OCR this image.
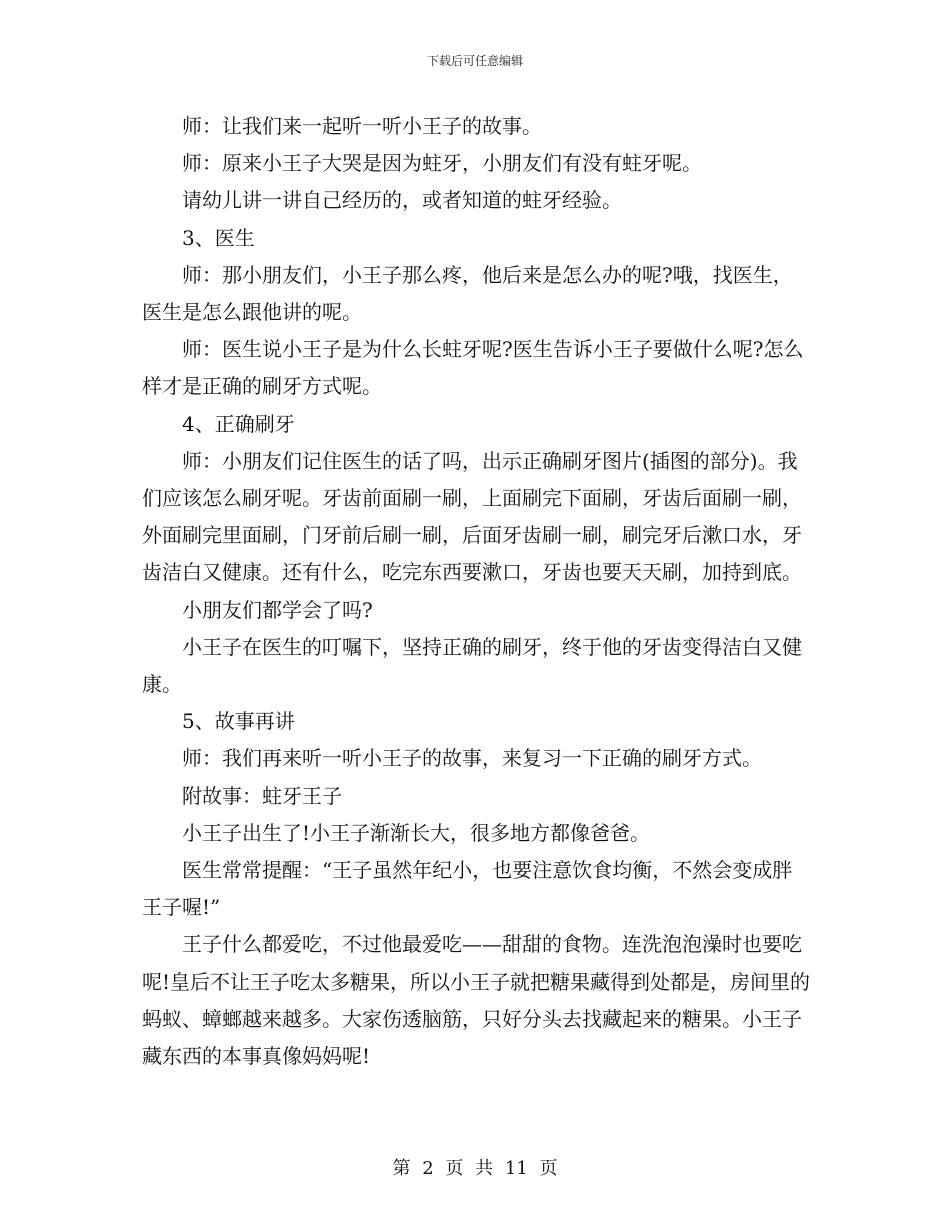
下载后可任意编辑

师：让我们来一起听一听小王子的故事。

师：原来小王子大哭是因为蛀牙，小朋友们有没有蛀牙呢。

请幼儿讲一讲自己经历的，或者知道的蛀牙经验。

3、医生

师：那小朋友们，小王子那么疼，他后来是怎么办的呢?哦，找医生，医生是怎么跟他讲的呢。

师：医生说小王子是为什么长蛀牙呢?医生告诉小王子要做什么呢?怎么样才是正确的刷牙方式呢。

4、正确刷牙

师：小朋友们记住医生的话了吗，出示正确刷牙图片(插图的部分)。我们应该怎么刷牙呢。牙齿前面刷一刷，上面刷完下面刷，牙齿后面刷一刷，外面刷完里面刷，门牙前后刷一刷，后面牙齿刷一刷，刷完牙后漱口水，牙齿洁白又健康。还有什么，吃完东西要漱口，牙齿也要天天刷，加持到底。

小朋友们都学会了吗?

小王子在医生的叮嘱下，坚持正确的刷牙，终于他的牙齿变得洁白又健康。

5、故事再讲

师：我们再来听一听小王子的故事，来复习一下正确的刷牙方式。

附故事：蛀牙王子

小王子出生了!小王子渐渐长大，很多地方都像爸爸。

医生常常提醒：“王子虽然年纪小，也要注意饮食均衡，不然会变成胖王子喔!”

王子什么都爱吃，不过他最爱吃——甜甜的食物。连洗泡泡澡时也要吃呢!皇后不让王子吃太多糖果，所以小王子就把糖果藏得到处都是，房间里的蚂蚁、蟑螂越来越多。大家伤透脑筋，只好分头去找藏起来的糖果。小王子藏东西的本事真像妈妈呢!

第 2 页 共 11 页
